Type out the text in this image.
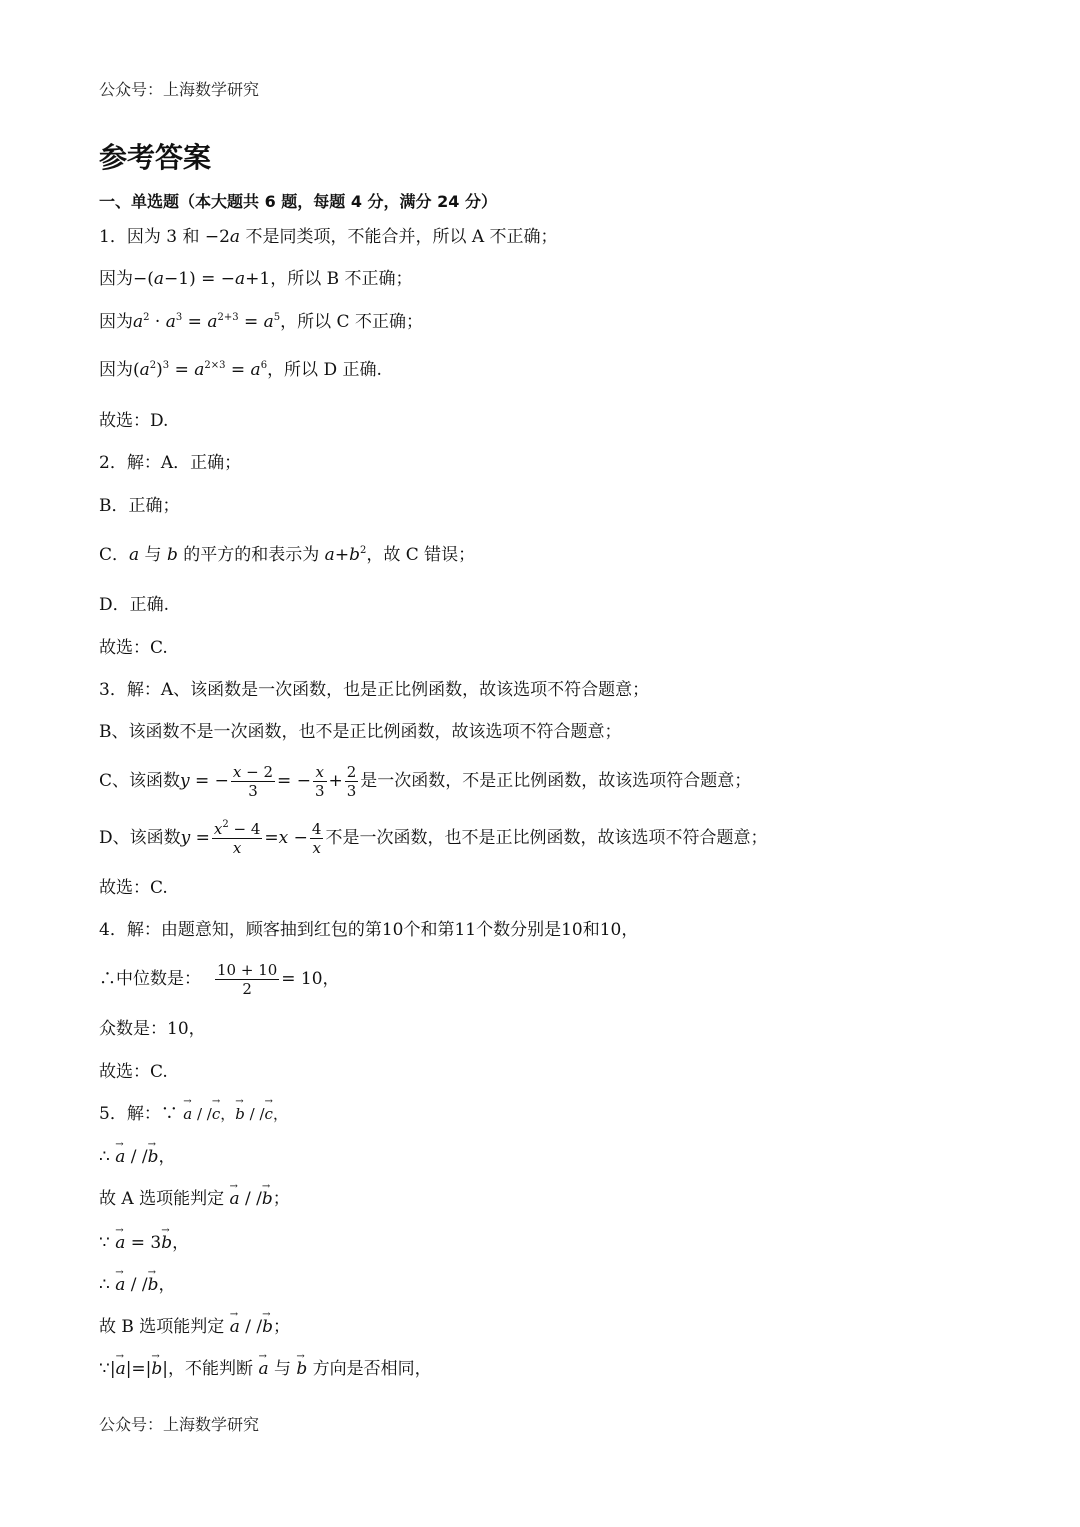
公众号：上海数学研究
参考答案
一、单选题（本大题共 6 题，每题 4 分，满分 24 分）
1．因为 3 和 −2a 不是同类项，不能合并，所以 A 不正确；
因为−(a−1) = −a+1，所以 B 不正确；
因为$a^2 \cdot a^3 = a^{2+3} = a^5$，所以 C 不正确；
因为$(a^2)^3 = a^{2\times 3} = a^6$，所以 D 正确.
故选：D.
2．解：A．正确；
B．正确；
C．a 与 b 的平方的和表示为 $a+b^2$，故 C 错误；
D．正确.
故选：C.
3．解：A、该函数是一次函数，也是正比例函数，故该选项不符合题意；
B、该函数不是一次函数，也不是正比例函数，故该选项不符合题意；
C、该函数 y = − $\frac{x - 2}{3}$ = − $\frac{x}{3} + \frac{2}{3}$ 是一次函数，不是正比例函数，故该选项符合题意；
D、该函数 $y = \frac{x^2 - 4}{x} = x - \frac{4}{x}$ 不是一次函数，也不是正比例函数，故该选项不符合题意；
故选：C.
4．解：由题意知，顾客抽到红包的第10个和第11个数分别是10和10，
∴中位数是： $\frac{10 + 10}{2} = 10$，
众数是：10，
故选：C.
5．解：∵ → a / /→ c，→ b / /→ c，
∴ → a / /→ b，
故 A 选项能判定 → a / /→ b；
∵ → a = 3→ b，
∴ → a / /→ b，
故 B 选项能判定 → a / /→ b；
∵|→ a|=|→ b|，不能判断 → a 与 → b 方向是否相同，
公众号：上海数学研究
